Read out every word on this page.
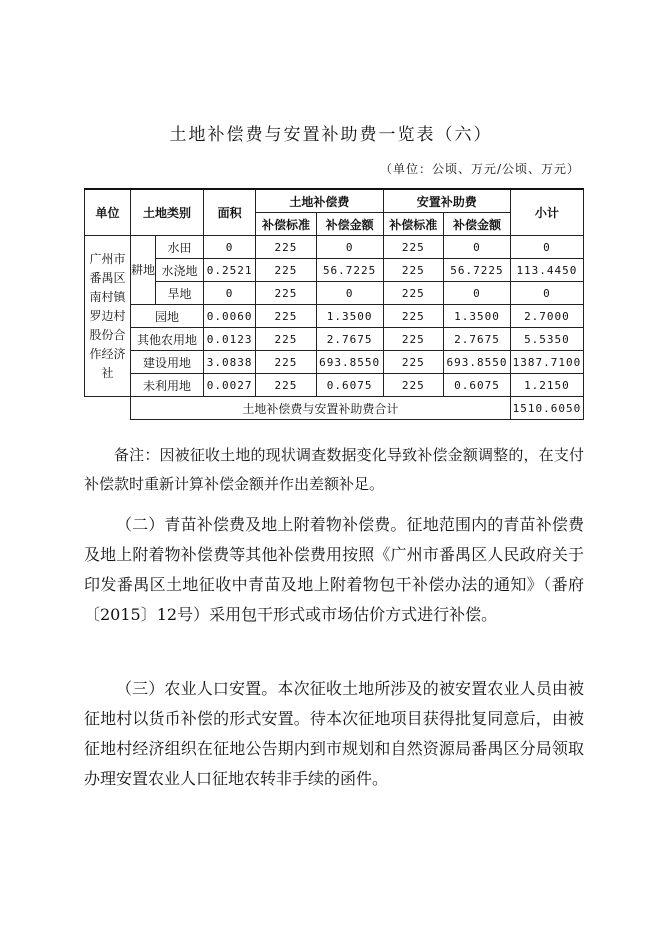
土地补偿费与安置补助费一览表（六）
（单位：公顷、万元/公顷、万元）
单位	土地类别		面积	土地补偿费		安置补助费		小计
				补偿标准	补偿金额	补偿标准	补偿金额	
广州市番禺区南村镇罗边村股份合作经济社	耕地	水田	0	225	0	225	0	0
		水浇地	0.2521	225	56.7225	225	56.7225	113.4450
		旱地	0	225	0	225	0	0
	园地		0.0060	225	1.3500	225	1.3500	2.7000
	其他农用地		0.0123	225	2.7675	225	2.7675	5.5350
	建设用地		3.0838	225	693.8550	225	693.8550	1387.7100
	未利用地		0.0027	225	0.6075	225	0.6075	1.2150
	土地补偿费与安置补助费合计							1510.6050

备注：因被征收土地的现状调查数据变化导致补偿金额调整的，在支付补偿款时重新计算补偿金额并作出差额补足。

（二）青苗补偿费及地上附着物补偿费。征地范围内的青苗补偿费及地上附着物补偿费等其他补偿费用按照《广州市番禺区人民政府关于印发番禺区土地征收中青苗及地上附着物包干补偿办法的通知》（番府〔2015〕12号）采用包干形式或市场估价方式进行补偿。

（三）农业人口安置。本次征收土地所涉及的被安置农业人员由被征地村以货币补偿的形式安置。待本次征地项目获得批复同意后，由被征地村经济组织在征地公告期内到市规划和自然资源局番禺区分局领取办理安置农业人口征地农转非手续的函件。
